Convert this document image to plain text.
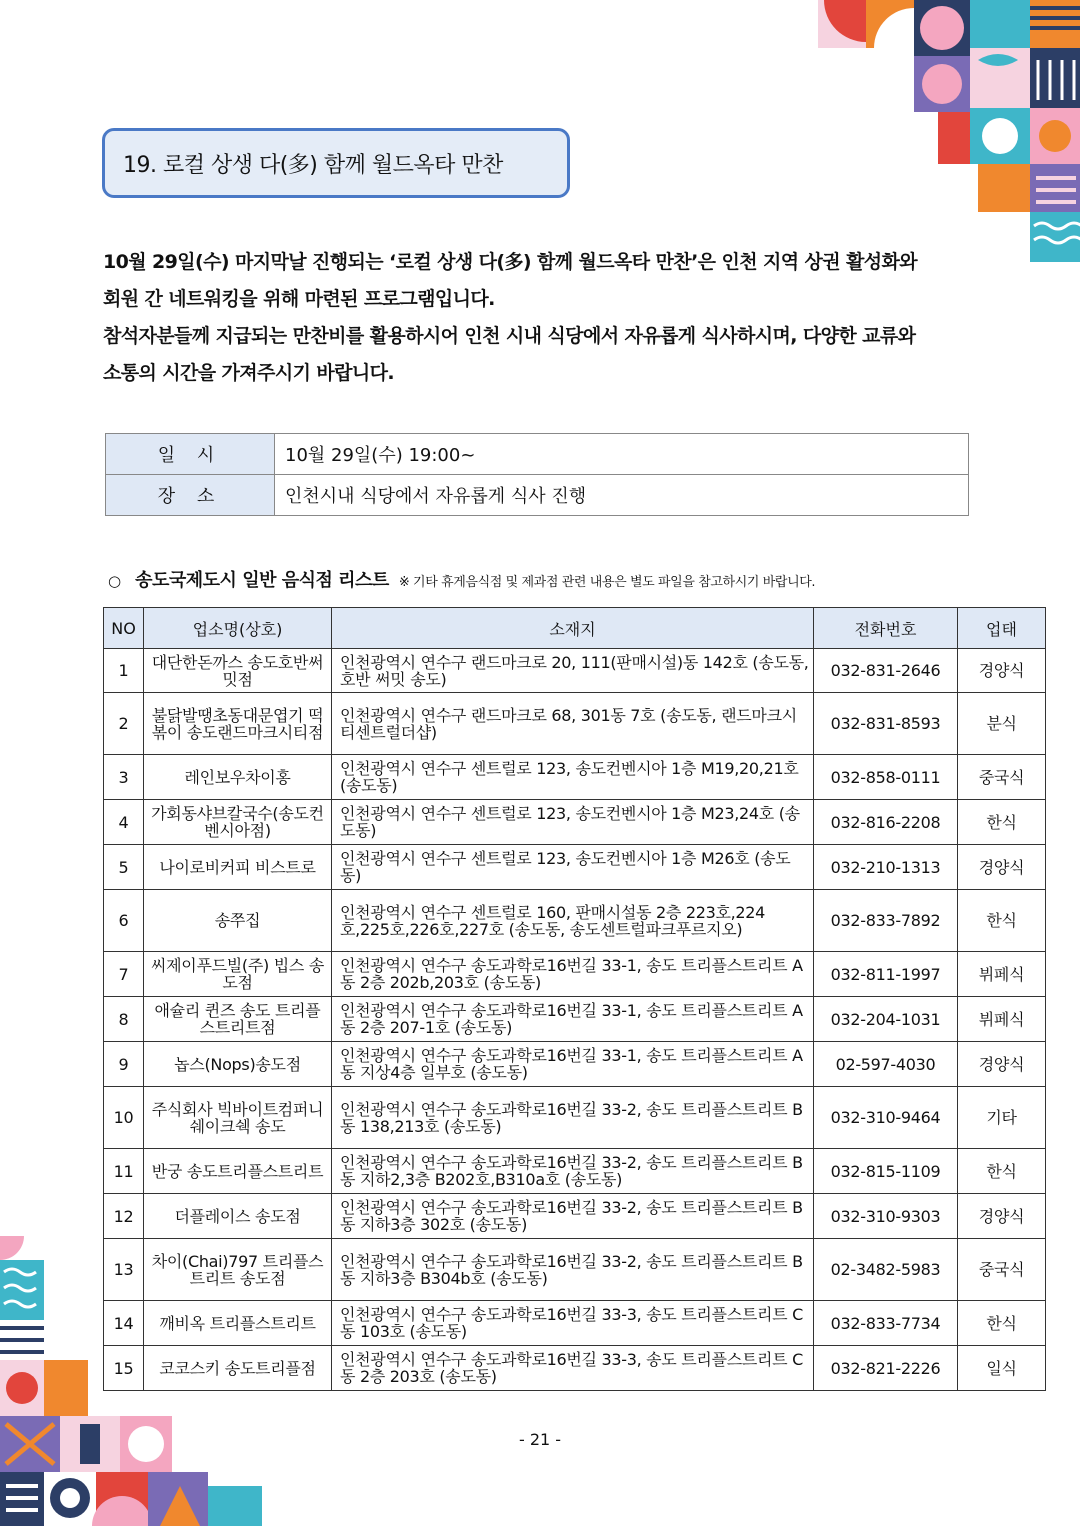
19. 로컬 상생 다(多) 함께 월드옥타 만찬

10월 29일(수) 마지막날 진행되는 ‘로컬 상생 다(多) 함께 월드옥타 만찬’은 인천 지역 상권 활성화와

회원 간 네트워킹을 위해 마련된 프로그램입니다.

참석자분들께 지급되는 만찬비를 활용하시어 인천 시내 식당에서 자유롭게 식사하시며, 다양한 교류와

소통의 시간을 가져주시기 바랍니다.

일 시	10월 29일(수) 19:00~
장 소	인천시내 식당에서 자유롭게 식사 진행
○ 송도국제도시 일반 음식점 리스트 ※ 기타 휴게음식점 및 제과점 관련 내용은 별도 파일을 참고하시기 바랍니다.
NO	업소명(상호)	소재지	전화번호	업태
1	대단한돈까스 송도호반써밋점	인천광역시 연수구 랜드마크로 20, 111(판매시설)동 142호 (송도동, 호반 써밋 송도)	032-831-2646	경양식
2	불닭발땡초동대문엽기 떡볶이 송도랜드마크시티점	인천광역시 연수구 랜드마크로 68, 301동 7호 (송도동, 랜드마크시티센트럴더샵)	032-831-8593	분식
3	레인보우차이홍	인천광역시 연수구 센트럴로 123, 송도컨벤시아 1층 M19,20,21호 (송도동)	032-858-0111	중국식
4	가회동샤브칼국수(송도컨벤시아점)	인천광역시 연수구 센트럴로 123, 송도컨벤시아 1층 M23,24호 (송도동)	032-816-2208	한식
5	나이로비커피 비스트로	인천광역시 연수구 센트럴로 123, 송도컨벤시아 1층 M26호 (송도동)	032-210-1313	경양식
6	송쭈집	인천광역시 연수구 센트럴로 160, 판매시설동 2층 223호,224호,225호,226호,227호 (송도동, 송도센트럴파크푸르지오)	032-833-7892	한식
7	씨제이푸드빌(주) 빕스 송도점	인천광역시 연수구 송도과학로16번길 33-1, 송도 트리플스트리트 A동 2층 202b,203호 (송도동)	032-811-1997	뷔페식
8	애슐리 퀸즈 송도 트리플스트리트점	인천광역시 연수구 송도과학로16번길 33-1, 송도 트리플스트리트 A동 2층 207-1호 (송도동)	032-204-1031	뷔페식
9	놉스(Nops)송도점	인천광역시 연수구 송도과학로16번길 33-1, 송도 트리플스트리트 A동 지상4층 일부호 (송도동)	02-597-4030	경양식
10	주식회사 빅바이트컴퍼니 쉐이크쉑 송도	인천광역시 연수구 송도과학로16번길 33-2, 송도 트리플스트리트 B동 138,213호 (송도동)	032-310-9464	기타
11	반궁 송도트리플스트리트	인천광역시 연수구 송도과학로16번길 33-2, 송도 트리플스트리트 B동 지하2,3층 B202호,B310a호 (송도동)	032-815-1109	한식
12	더플레이스 송도점	인천광역시 연수구 송도과학로16번길 33-2, 송도 트리플스트리트 B동 지하3층 302호 (송도동)	032-310-9303	경양식
13	차이(Chai)797 트리플스트리트 송도점	인천광역시 연수구 송도과학로16번길 33-2, 송도 트리플스트리트 B동 지하3층 B304b호 (송도동)	02-3482-5983	중국식
14	깨비옥 트리플스트리트	인천광역시 연수구 송도과학로16번길 33-3, 송도 트리플스트리트 C동 103호 (송도동)	032-833-7734	한식
15	코코스키 송도트리플점	인천광역시 연수구 송도과학로16번길 33-3, 송도 트리플스트리트 C동 2층 203호 (송도동)	032-821-2226	일식
- 21 -
